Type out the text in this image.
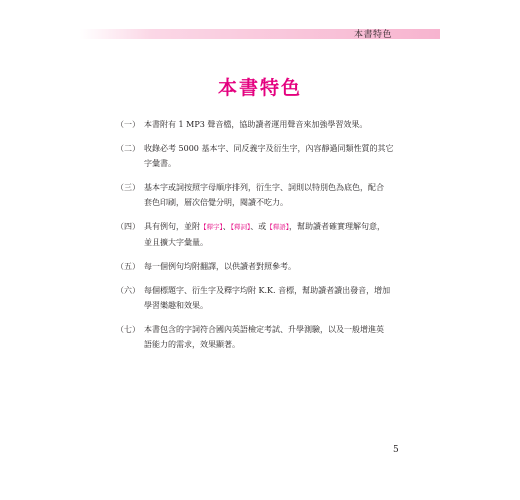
本書特色
本書特色
（一） 本書附有 1 MP3 聲音檔，協助讀者運用聲音來加強學習效果。
（二） 收錄必考 5000 基本字、同反義字及衍生字，內容靜過同類性質的其它
字彙書。
（三） 基本字或詞按照字母順序排列，衍生字、詞則以特別色為底色，配合
套色印刷，層次倍覺分明，閱讀不吃力。
（四） 具有例句，並附【釋字】、【釋詞】、或【釋語】，幫助讀者確實理解句意，
並且擴大字彙量。
（五） 每一個例句均附翻譯，以供讀者對照參考。
（六） 每個標題字、衍生字及釋字均附 K.K. 音標，幫助讀者讀出發音，增加
學習樂趣和效果。
（七） 本書包含的字詞符合國內英語檢定考試、升學測驗，以及一般增進英
語能力的需求，效果顯著。
5
